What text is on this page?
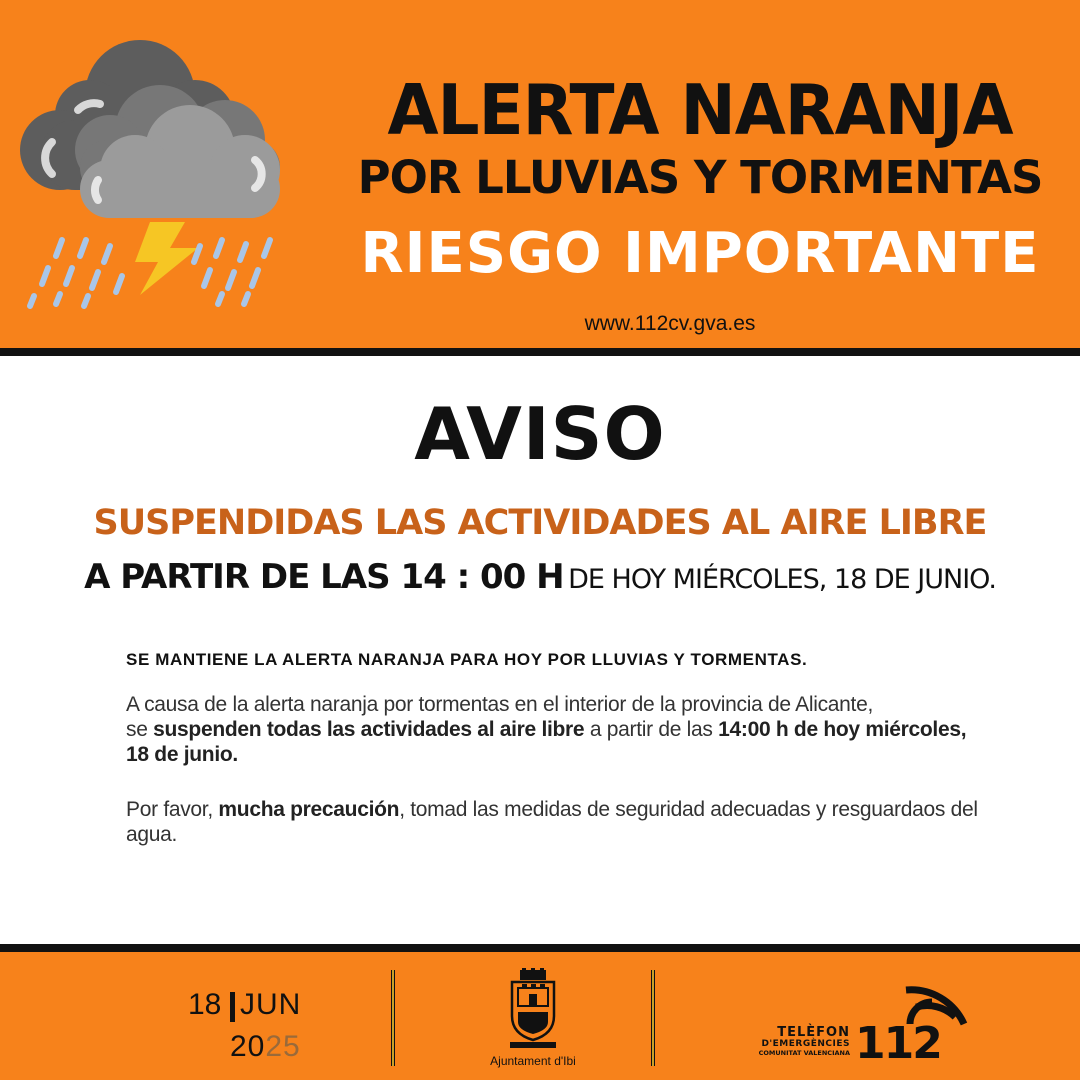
ALERTA NARANJA
POR LLUVIAS Y TORMENTAS
RIESGO IMPORTANTE
www.112cv.gva.es
AVISO
SUSPENDIDAS LAS ACTIVIDADES AL AIRE LIBRE
A PARTIR DE LAS 14 : 00 H DE HOY MIÉRCOLES, 18 DE JUNIO.
SE MANTIENE LA ALERTA NARANJA PARA HOY POR LLUVIAS Y TORMENTAS.
A causa de la alerta naranja por tormentas en el interior de la provincia de Alicante,
se suspenden todas las actividades al aire libre a partir de las 14:00 h de hoy miércoles, 18 de junio.
Por favor, mucha precaución, tomad las medidas de seguridad adecuadas y resguardaos del agua.
18 JUN
2025	Ajuntament d'Ibi
TELÈFON
D'EMERGÈNCIES
COMUNITAT VALENCIANA 112
